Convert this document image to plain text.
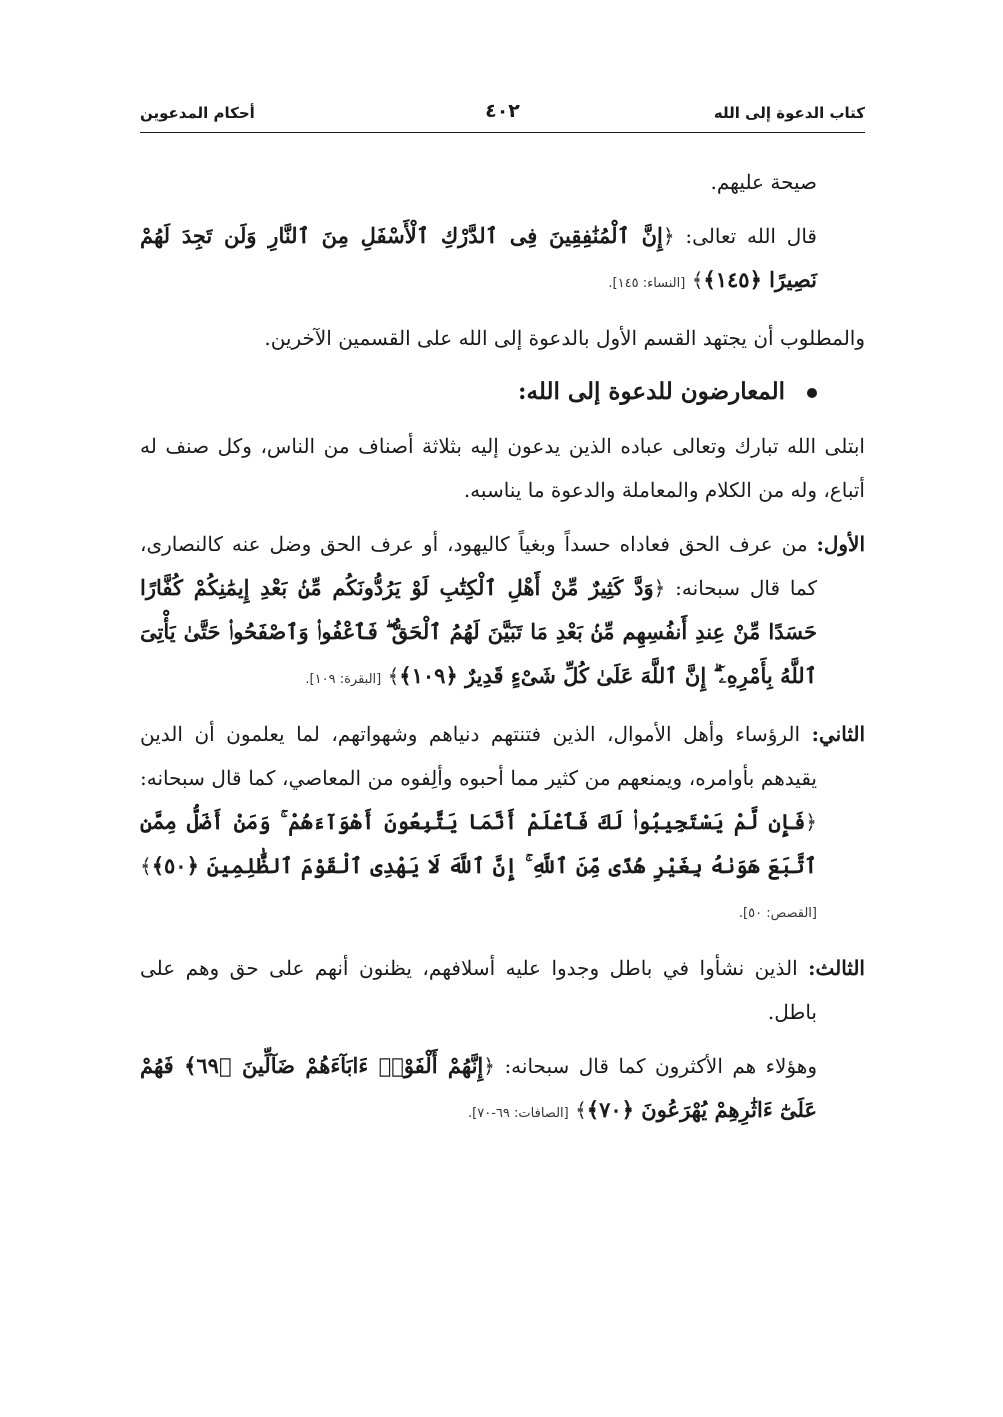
كتاب الدعوة إلى الله
٤٠٢
أحكام المدعوين

صيحة عليهم.

قال الله تعالى: ﴿إِنَّ ٱلْمُنَٰفِقِينَ فِى ٱلدَّرْكِ ٱلْأَسْفَلِ مِنَ ٱلنَّارِ وَلَن تَجِدَ لَهُمْ نَصِيرًا ﴿١٤٥﴾﴾ [النساء: ١٤٥].

والمطلوب أن يجتهد القسم الأول بالدعوة إلى الله على القسمين الآخرين.

المعارضون للدعوة إلى الله:

ابتلى الله تبارك وتعالى عباده الذين يدعون إليه بثلاثة أصناف من الناس، وكل صنف له أتباع، وله من الكلام والمعاملة والدعوة ما يناسبه.

الأول: من عرف الحق فعاداه حسداً وبغياً كاليهود، أو عرف الحق وضل عنه كالنصارى، كما قال سبحانه: ﴿وَدَّ كَثِيرٌ مِّنْ أَهْلِ ٱلْكِتَٰبِ لَوْ يَرُدُّونَكُم مِّنۢ بَعْدِ إِيمَٰنِكُمْ كُفَّارًا حَسَدًا مِّنْ عِندِ أَنفُسِهِم مِّنۢ بَعْدِ مَا تَبَيَّنَ لَهُمُ ٱلْحَقُّ ۖ فَٱعْفُوا۟ وَٱصْفَحُوا۟ حَتَّىٰ يَأْتِىَ ٱللَّهُ بِأَمْرِهِۦٓ ۗ إِنَّ ٱللَّهَ عَلَىٰ كُلِّ شَىْءٍ قَدِيرٌ ﴿١٠٩﴾﴾ [البقرة: ١٠٩].

الثاني: الرؤساء وأهل الأموال، الذين فتنتهم دنياهم وشهواتهم، لما يعلمون أن الدين يقيدهم بأوامره، ويمنعهم من كثير مما أحبوه وألِفوه من المعاصي، كما قال سبحانه: ﴿فَإِن لَّمْ يَسْتَجِيبُوا۟ لَكَ فَٱعْلَمْ أَنَّمَا يَتَّبِعُونَ أَهْوَآءَهُمْ ۚ وَمَنْ أَضَلُّ مِمَّنِ ٱتَّبَعَ هَوَىٰهُ بِغَيْرِ هُدًى مِّنَ ٱللَّهِ ۚ إِنَّ ٱللَّهَ لَا يَهْدِى ٱلْقَوْمَ ٱلظَّٰلِمِينَ ﴿٥٠﴾﴾ [القصص: ٥٠].

الثالث: الذين نشأوا في باطل وجدوا عليه أسلافهم، يظنون أنهم على حق وهم على باطل.

وهؤلاء هم الأكثرون كما قال سبحانه: ﴿إِنَّهُمْ أَلْفَوْا۟ ءَابَآءَهُمْ ضَآلِّينَ ﴿٦٩﴾ فَهُمْ عَلَىٰٓ ءَاثَٰرِهِمْ يُهْرَعُونَ ﴿٧٠﴾﴾ [الصافات: ٦٩-٧٠].
